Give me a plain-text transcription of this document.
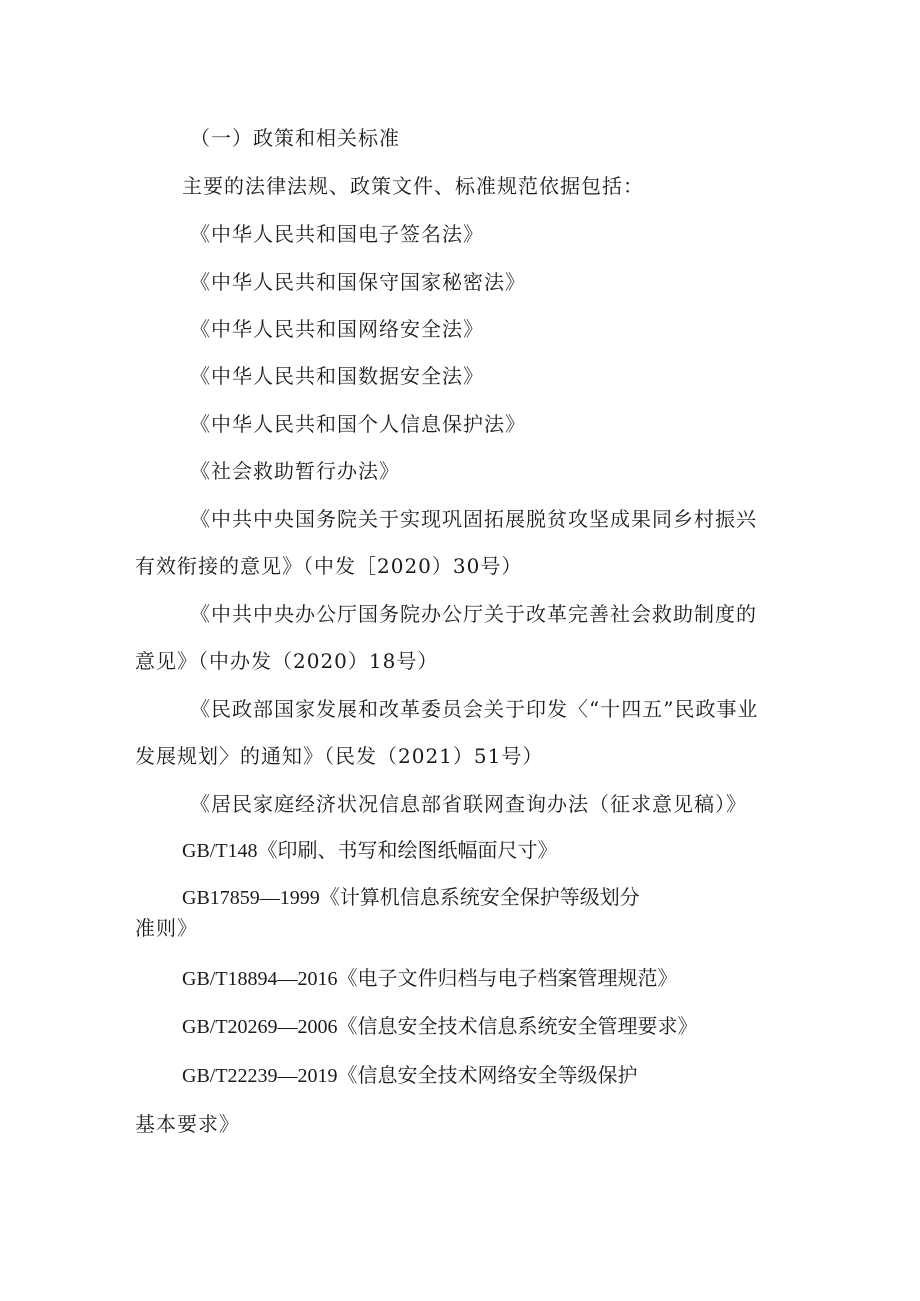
（一）政策和相关标准
主要的法律法规、政策文件、标准规范依据包括：
《中华人民共和国电子签名法》
《中华人民共和国保守国家秘密法》
《中华人民共和国网络安全法》
《中华人民共和国数据安全法》
《中华人民共和国个人信息保护法》
《社会救助暂行办法》
《中共中央国务院关于实现巩固拓展脱贫攻坚成果同乡村振兴
有效衔接的意见》（中发［2020）30号）
《中共中央办公厅国务院办公厅关于改革完善社会救助制度的
意见》（中办发（2020）18号）
《民政部国家发展和改革委员会关于印发〈“十四五”民政事业
发展规划〉的通知》（民发（2021）51号）
《居民家庭经济状况信息部省联网查询办法（征求意见稿）》
GB/T148《印刷、书写和绘图纸幅面尺寸》
GB17859—1999《计算机信息系统安全保护等级划分
准则》
GB/T18894—2016《电子文件归档与电子档案管理规范》
GB/T20269—2006《信息安全技术信息系统安全管理要求》
GB/T22239—2019《信息安全技术网络安全等级保护
基本要求》
